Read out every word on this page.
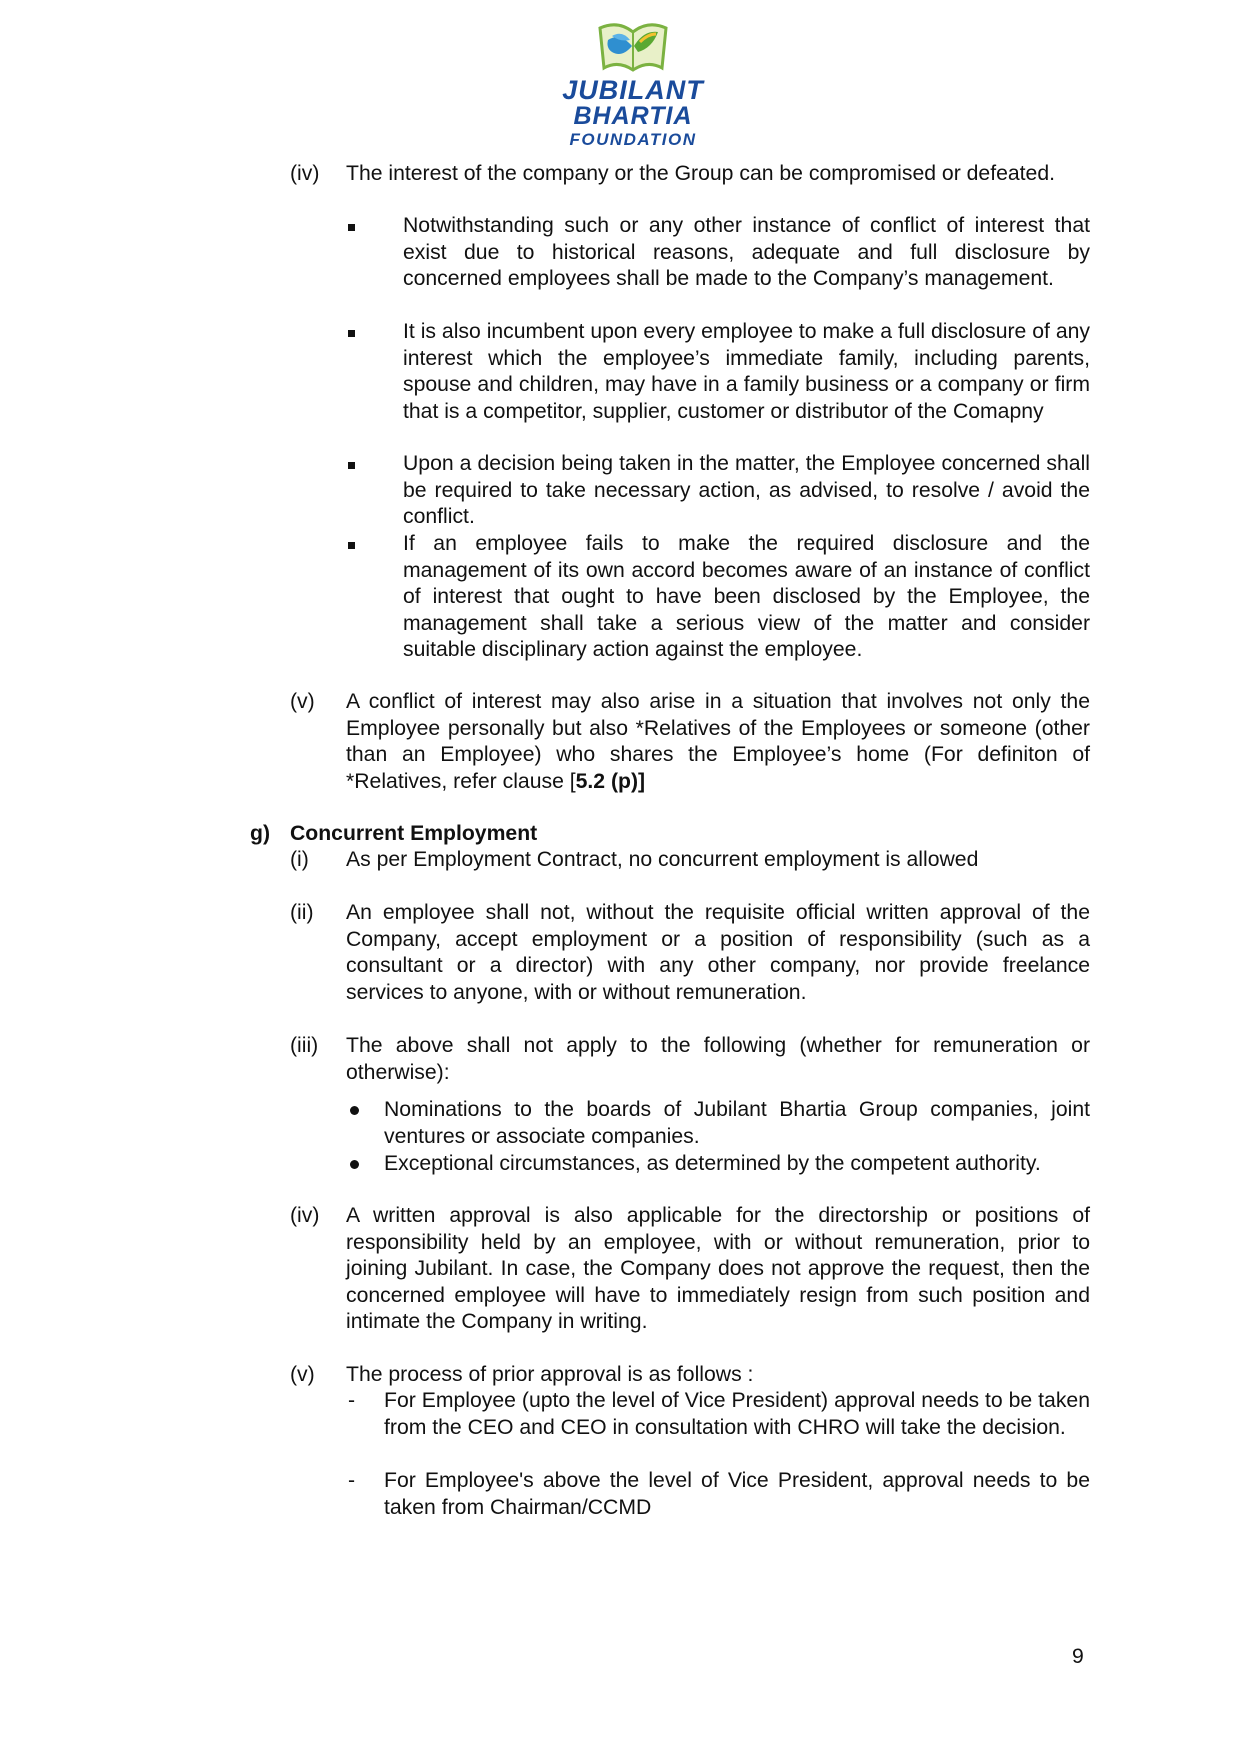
JUBILANT
BHARTIA
FOUNDATION
(iv) The interest of the company or the Group can be compromised or defeated.
Notwithstanding such or any other instance of conflict of interest that exist due to historical reasons, adequate and full disclosure by concerned employees shall be made to the Company’s management.
It is also incumbent upon every employee to make a full disclosure of any interest which the employee’s immediate family, including parents, spouse and children, may have in a family business or a company or firm that is a competitor, supplier, customer or distributor of the Comapny
Upon a decision being taken in the matter, the Employee concerned shall be required to take necessary action, as advised, to resolve / avoid the conflict.
If an employee fails to make the required disclosure and the management of its own accord becomes aware of an instance of conflict of interest that ought to have been disclosed by the Employee, the management shall take a serious view of the matter and consider suitable disciplinary action against the employee.
(v) A conflict of interest may also arise in a situation that involves not only the Employee personally but also *Relatives of the Employees or someone (other than an Employee) who shares the Employee’s home (For definiton of *Relatives, refer clause [5.2 (p)]
g) Concurrent Employment
(i) As per Employment Contract, no concurrent employment is allowed
(ii) An employee shall not, without the requisite official written approval of the Company, accept employment or a position of responsibility (such as a consultant or a director) with any other company, nor provide freelance services to anyone, with or without remuneration.
(iii) The above shall not apply to the following (whether for remuneration or otherwise):
Nominations to the boards of Jubilant Bhartia Group companies, joint ventures or associate companies.
Exceptional circumstances, as determined by the competent authority.
(iv) A written approval is also applicable for the directorship or positions of responsibility held by an employee, with or without remuneration, prior to joining Jubilant. In case, the Company does not approve the request, then the concerned employee will have to immediately resign from such position and intimate the Company in writing.
(v) The process of prior approval is as follows :
- For Employee (upto the level of Vice President) approval needs to be taken from the CEO and CEO in consultation with CHRO will take the decision.
- For Employee's above the level of Vice President, approval needs to be taken from Chairman/CCMD
9
